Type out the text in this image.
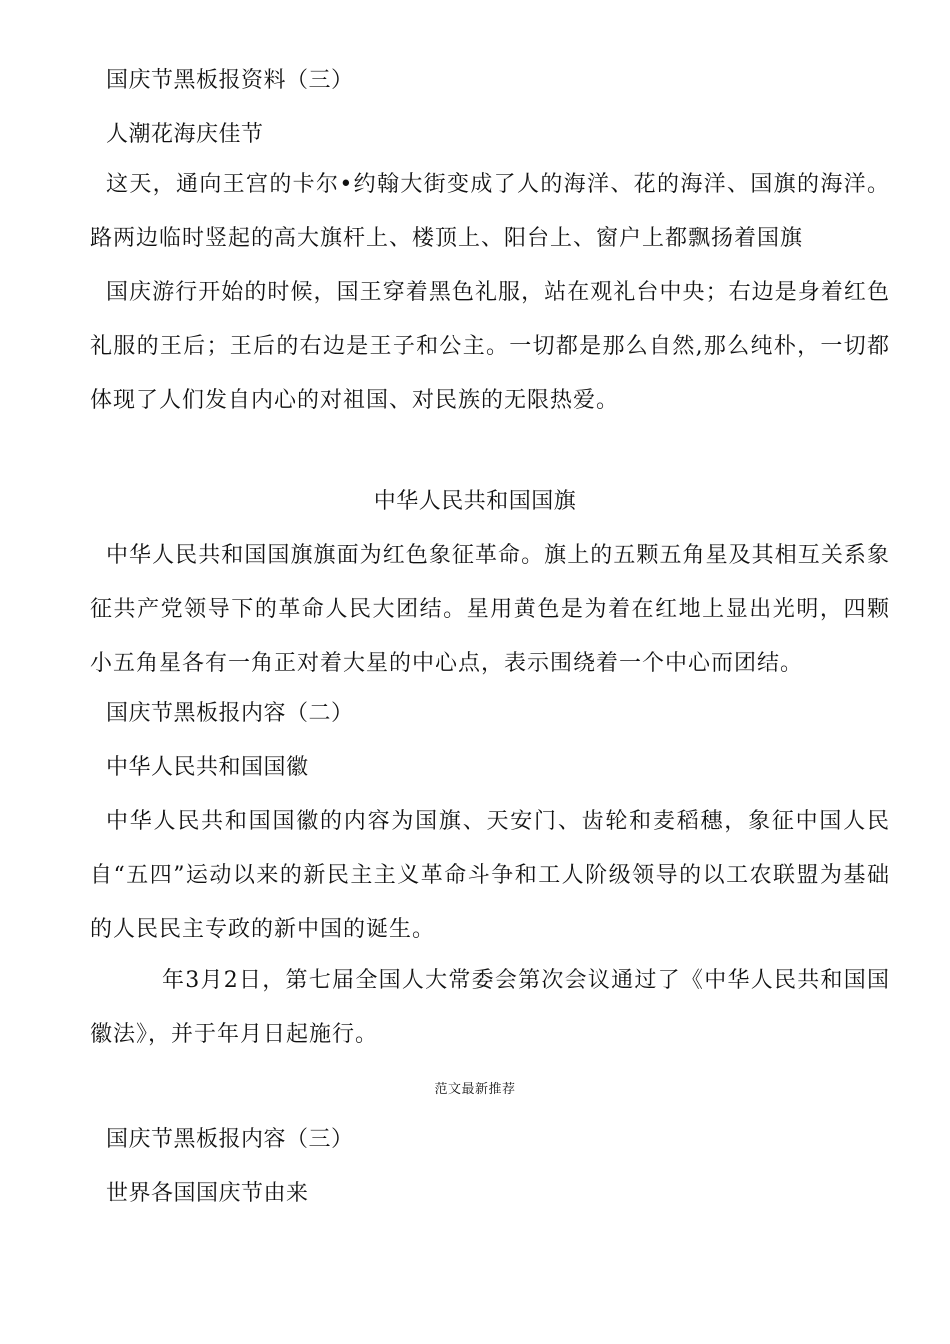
国庆节黑板报资料（三）
人潮花海庆佳节
这天，通向王宫的卡尔•约翰大街变成了人的海洋、花的海洋、国旗的海洋。路两边临时竖起的高大旗杆上、楼顶上、阳台上、窗户上都飘扬着国旗
国庆游行开始的时候，国王穿着黑色礼服，站在观礼台中央；右边是身着红色礼服的王后；王后的右边是王子和公主。一切都是那么自然,那么纯朴，一切都体现了人们发自内心的对祖国、对民族的无限热爱。
中华人民共和国国旗
中华人民共和国国旗旗面为红色象征革命。旗上的五颗五角星及其相互关系象征共产党领导下的革命人民大团结。星用黄色是为着在红地上显出光明，四颗小五角星各有一角正对着大星的中心点，表示围绕着一个中心而团结。
国庆节黑板报内容（二）
中华人民共和国国徽
中华人民共和国国徽的内容为国旗、天安门、齿轮和麦稻穗，象征中国人民自“五四”运动以来的新民主主义革命斗争和工人阶级领导的以工农联盟为基础的人民民主专政的新中国的诞生。
年3月2日，第七届全国人大常委会第次会议通过了《中华人民共和国国徽法》，并于年月日起施行。
范文最新推荐
国庆节黑板报内容（三）
世界各国国庆节由来
